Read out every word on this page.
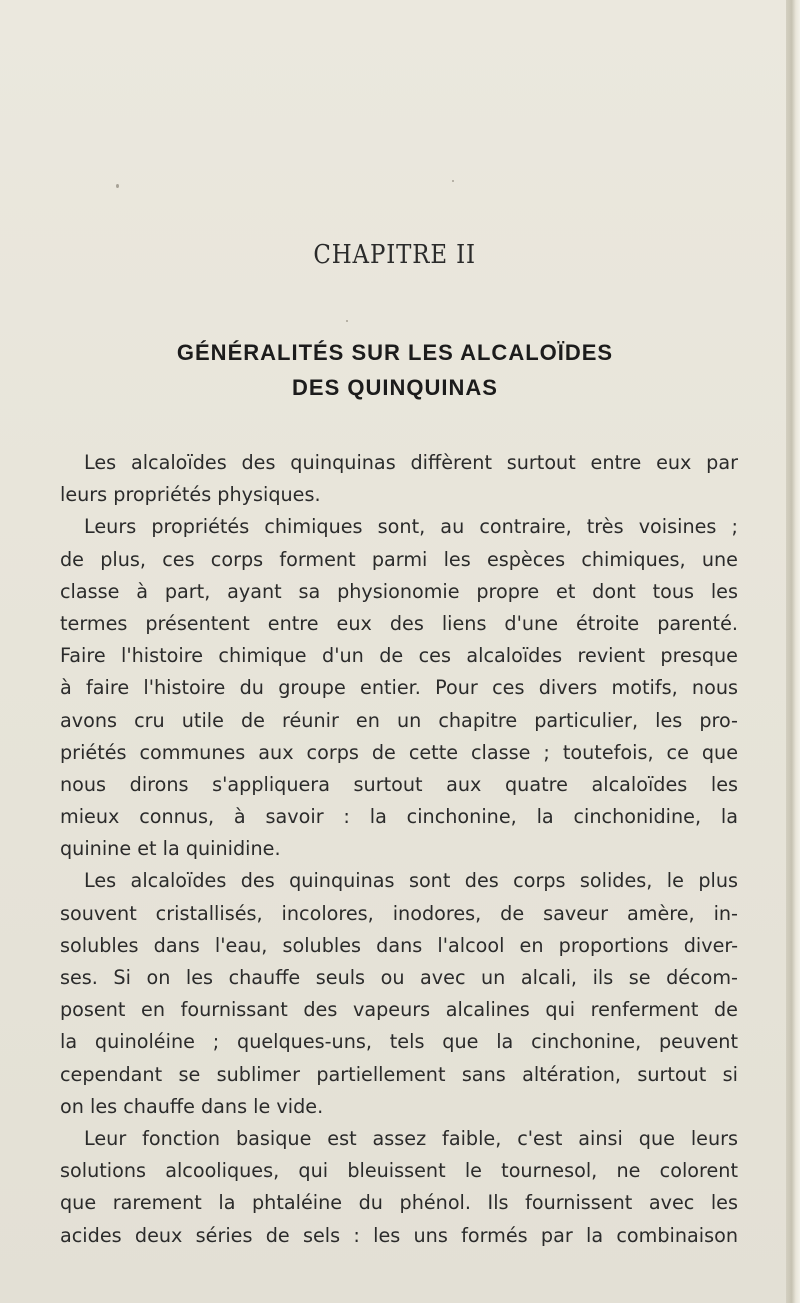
CHAPITRE II
GÉNÉRALITÉS SUR LES ALCALOÏDES
DES QUINQUINAS
Les alcaloïdes des quinquinas diffèrent surtout entre eux par
leurs propriétés physiques.
Leurs propriétés chimiques sont, au contraire, très voisines ;
de plus, ces corps forment parmi les espèces chimiques, une
classe à part, ayant sa physionomie propre et dont tous les
termes présentent entre eux des liens d'une étroite parenté.
Faire l'histoire chimique d'un de ces alcaloïdes revient presque
à faire l'histoire du groupe entier. Pour ces divers motifs, nous
avons cru utile de réunir en un chapitre particulier, les pro-
priétés communes aux corps de cette classe ; toutefois, ce que
nous dirons s'appliquera surtout aux quatre alcaloïdes les
mieux connus, à savoir : la cinchonine, la cinchonidine, la
quinine et la quinidine.
Les alcaloïdes des quinquinas sont des corps solides, le plus
souvent cristallisés, incolores, inodores, de saveur amère, in-
solubles dans l'eau, solubles dans l'alcool en proportions diver-
ses. Si on les chauffe seuls ou avec un alcali, ils se décom-
posent en fournissant des vapeurs alcalines qui renferment de
la quinoléine ; quelques-uns, tels que la cinchonine, peuvent
cependant se sublimer partiellement sans altération, surtout si
on les chauffe dans le vide.
Leur fonction basique est assez faible, c'est ainsi que leurs
solutions alcooliques, qui bleuissent le tournesol, ne colorent
que rarement la phtaléine du phénol. Ils fournissent avec les
acides deux séries de sels : les uns formés par la combinaison
